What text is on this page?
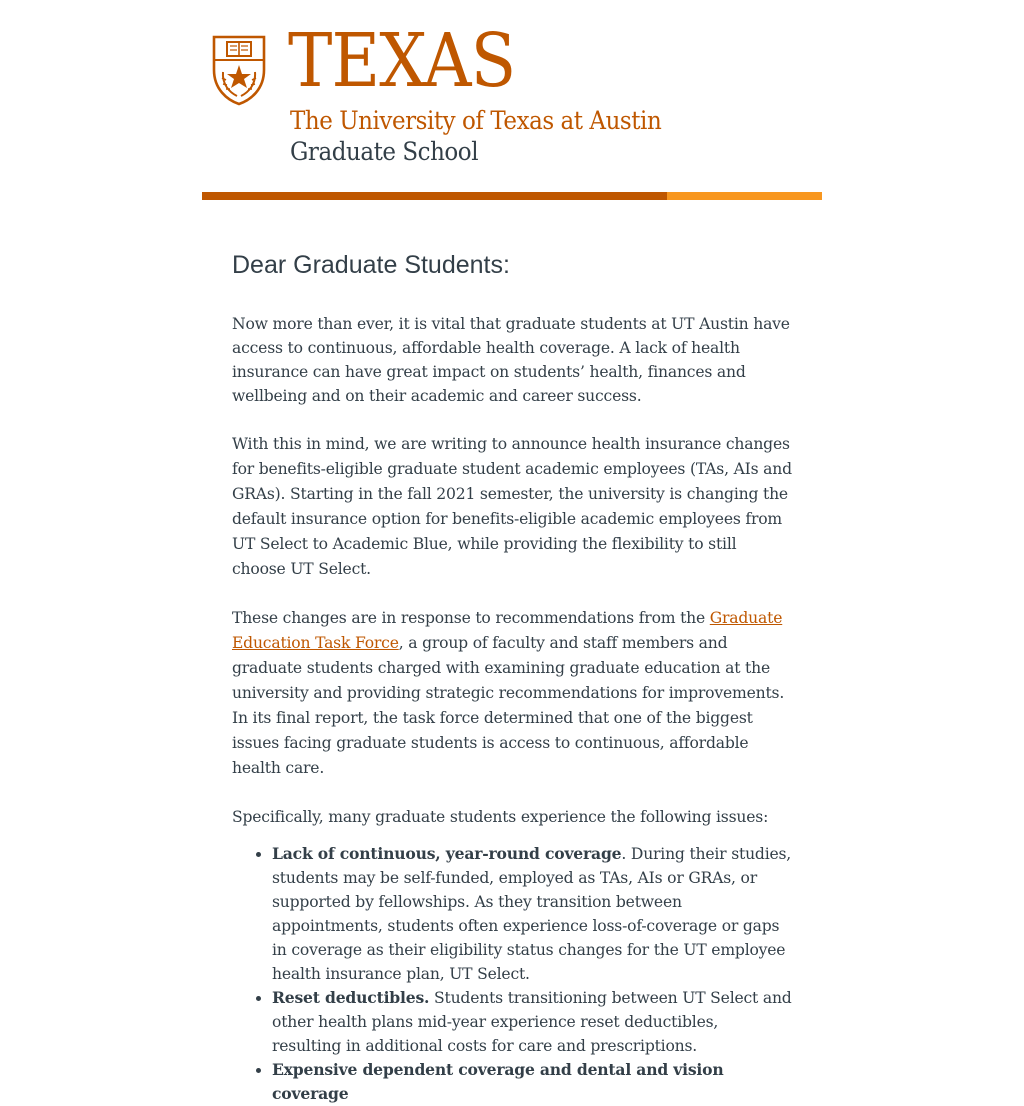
TEXAS
The University of Texas at Austin
Graduate School
Dear Graduate Students:

Now more than ever, it is vital that graduate students at UT Austin have access to continuous, affordable health coverage. A lack of health insurance can have great impact on students’ health, finances and wellbeing and on their academic and career success.

With this in mind, we are writing to announce health insurance changes for benefits-eligible graduate student academic employees (TAs, AIs and GRAs). Starting in the fall 2021 semester, the university is changing the default insurance option for benefits-eligible academic employees from UT Select to Academic Blue, while providing the flexibility to still choose UT Select.

These changes are in response to recommendations from the Graduate Education Task Force, a group of faculty and staff members and graduate students charged with examining graduate education at the university and providing strategic recommendations for improvements. In its final report, the task force determined that one of the biggest issues facing graduate students is access to continuous, affordable health care.

Specifically, many graduate students experience the following issues:

• Lack of continuous, year-round coverage. During their studies, students may be self-funded, employed as TAs, AIs or GRAs, or supported by fellowships. As they transition between appointments, students often experience loss-of-coverage or gaps in coverage as their eligibility status changes for the UT employee health insurance plan, UT Select.
• Reset deductibles. Students transitioning between UT Select and other health plans mid-year experience reset deductibles, resulting in additional costs for care and prescriptions.
• Expensive dependent coverage and dental and vision coverage
